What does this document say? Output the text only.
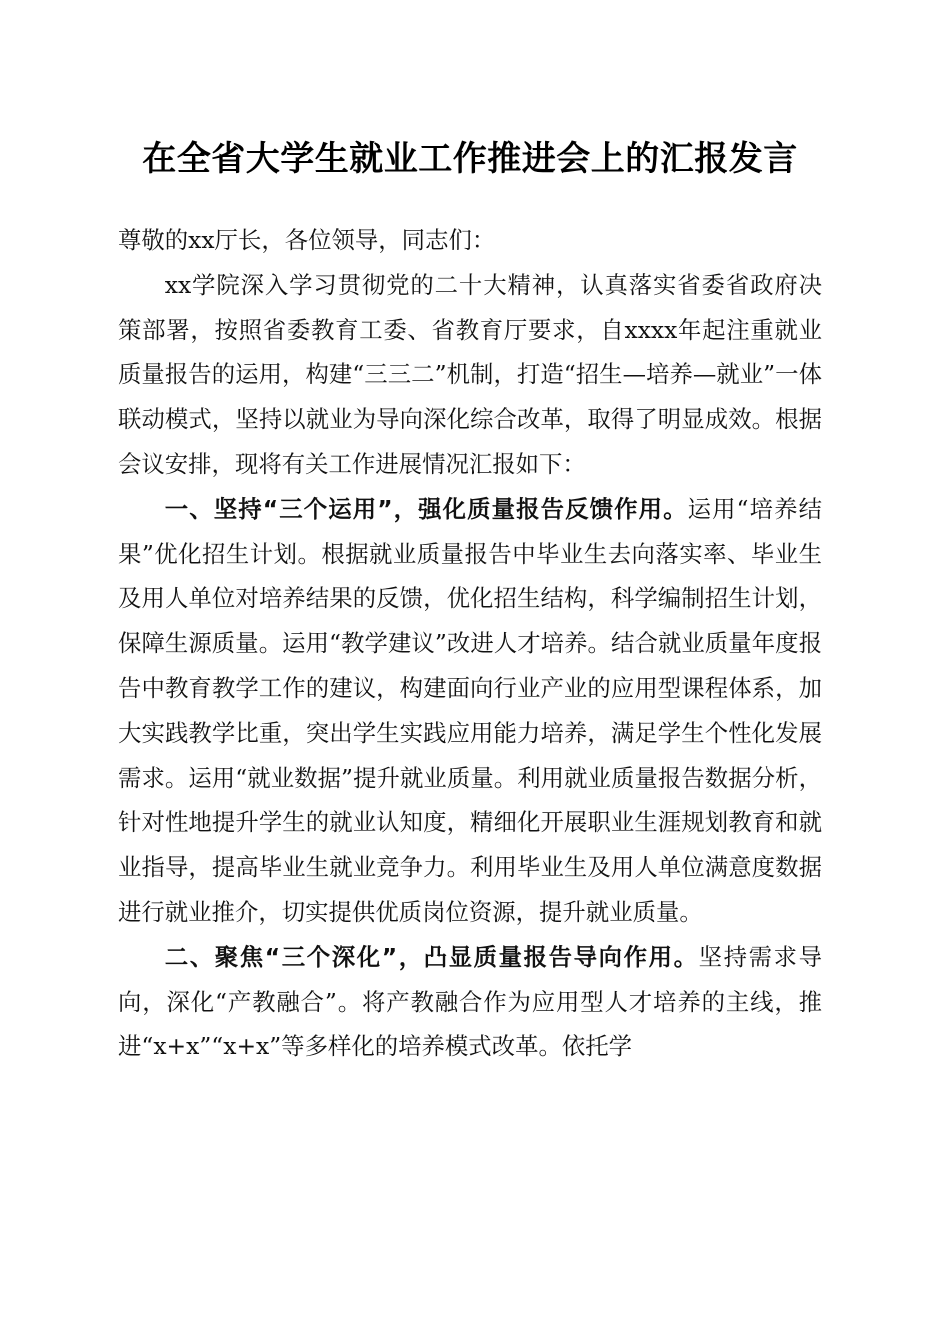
在全省大学生就业工作推进会上的汇报发言

尊敬的xx厅长，各位领导，同志们：

xx学院深入学习贯彻党的二十大精神，认真落实省委省政府决策部署，按照省委教育工委、省教育厅要求，自xxxx年起注重就业质量报告的运用，构建“三三二”机制，打造“招生—培养—就业”一体联动模式，坚持以就业为导向深化综合改革，取得了明显成效。根据会议安排，现将有关工作进展情况汇报如下：

一、坚持“三个运用”，强化质量报告反馈作用。运用“培养结果”优化招生计划。根据就业质量报告中毕业生去向落实率、毕业生及用人单位对培养结果的反馈，优化招生结构，科学编制招生计划，保障生源质量。运用“教学建议”改进人才培养。结合就业质量年度报告中教育教学工作的建议，构建面向行业产业的应用型课程体系，加大实践教学比重，突出学生实践应用能力培养，满足学生个性化发展需求。运用“就业数据”提升就业质量。利用就业质量报告数据分析，针对性地提升学生的就业认知度，精细化开展职业生涯规划教育和就业指导，提高毕业生就业竞争力。利用毕业生及用人单位满意度数据进行就业推介，切实提供优质岗位资源，提升就业质量。

二、聚焦“三个深化”，凸显质量报告导向作用。坚持需求导向，深化“产教融合”。将产教融合作为应用型人才培养的主线，推进“x+x”“x+x”等多样化的培养模式改革。依托学
